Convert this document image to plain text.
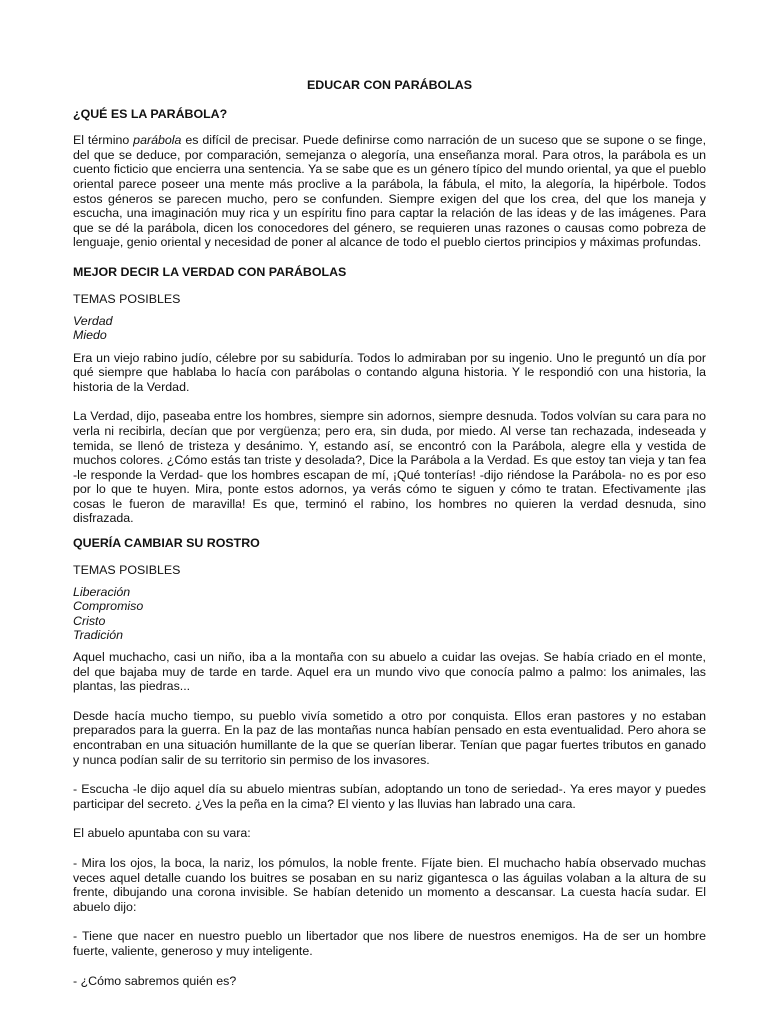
EDUCAR CON PARÁBOLAS
¿QUÉ ES LA PARÁBOLA?

El término parábola es difícil de precisar. Puede definirse como narración de un suceso que se supone o se finge, del que se deduce, por comparación, semejanza o alegoría, una enseñanza moral. Para otros, la parábola es un cuento ficticio que encierra una sentencia. Ya se sabe que es un género típico del mundo oriental, ya que el pueblo oriental parece poseer una mente más proclive a la parábola, la fábula, el mito, la alegoría, la hipérbole. Todos estos géneros se parecen mucho, pero se confunden. Siempre exigen del que los crea, del que los maneja y escucha, una imaginación muy rica y un espíritu fino para captar la relación de las ideas y de las imágenes. Para que se dé la parábola, dicen los conocedores del género, se requieren unas razones o causas como pobreza de lenguaje, genio oriental y necesidad de poner al alcance de todo el pueblo ciertos principios y máximas profundas.

MEJOR DECIR LA VERDAD CON PARÁBOLAS
TEMAS POSIBLES
Verdad
Miedo

Era un viejo rabino judío, célebre por su sabiduría. Todos lo admiraban por su ingenio. Uno le preguntó un día por qué siempre que hablaba lo hacía con parábolas o contando alguna historia. Y le respondió con una historia, la historia de la Verdad.

La Verdad, dijo, paseaba entre los hombres, siempre sin adornos, siempre desnuda. Todos volvían su cara para no verla ni recibirla, decían que por vergüenza; pero era, sin duda, por miedo. Al verse tan rechazada, indeseada y temida, se llenó de tristeza y desánimo. Y, estando así, se encontró con la Parábola, alegre ella y vestida de muchos colores. ¿Cómo estás tan triste y desolada?, Dice la Parábola a la Verdad. Es que estoy tan vieja y tan fea -le responde la Verdad- que los hombres escapan de mí, ¡Qué tonterías! -dijo riéndose la Parábola- no es por eso por lo que te huyen. Mira, ponte estos adornos, ya verás cómo te siguen y cómo te tratan. Efectivamente ¡las cosas le fueron de maravilla! Es que, terminó el rabino, los hombres no quieren la verdad desnuda, sino disfrazada.

QUERÍA CAMBIAR SU ROSTRO
TEMAS POSIBLES
Liberación
Compromiso
Cristo
Tradición

Aquel muchacho, casi un niño, iba a la montaña con su abuelo a cuidar las ovejas. Se había criado en el monte, del que bajaba muy de tarde en tarde. Aquel era un mundo vivo que conocía palmo a palmo: los animales, las plantas, las piedras...

Desde hacía mucho tiempo, su pueblo vivía sometido a otro por conquista. Ellos eran pastores y no estaban preparados para la guerra. En la paz de las montañas nunca habían pensado en esta eventualidad. Pero ahora se encontraban en una situación humillante de la que se querían liberar. Tenían que pagar fuertes tributos en ganado y nunca podían salir de su territorio sin permiso de los invasores.

- Escucha -le dijo aquel día su abuelo mientras subían, adoptando un tono de seriedad-. Ya eres mayor y puedes participar del secreto. ¿Ves la peña en la cima? El viento y las lluvias han labrado una cara.

El abuelo apuntaba con su vara:

- Mira los ojos, la boca, la nariz, los pómulos, la noble frente. Fíjate bien. El muchacho había observado muchas veces aquel detalle cuando los buitres se posaban en su nariz gigantesca o las águilas volaban a la altura de su frente, dibujando una corona invisible. Se habían detenido un momento a descansar. La cuesta hacía sudar. El abuelo dijo:

- Tiene que nacer en nuestro pueblo un libertador que nos libere de nuestros enemigos. Ha de ser un hombre fuerte, valiente, generoso y muy inteligente.

- ¿Cómo sabremos quién es?
